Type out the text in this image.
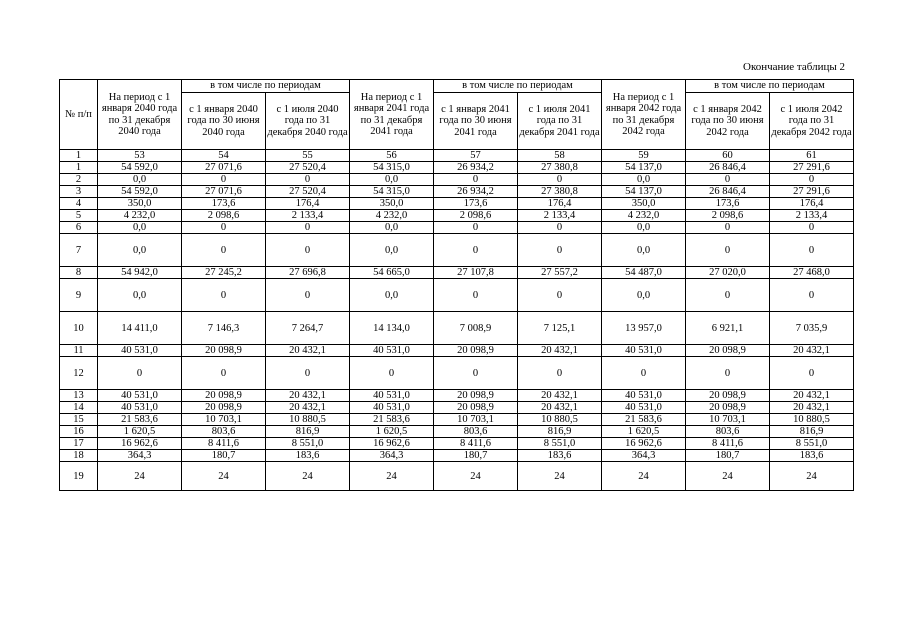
Окончание таблицы 2
№ п/п	На период с 1 января 2040 года по 31 декабря 2040 года	в том числе по периодам		На период с 1 января 2041 года по 31 декабря 2041 года	в том числе по периодам		На период с 1 января 2042 года по 31 декабря 2042 года	в том числе по периодам	
		с 1 января 2040 года по 30 июня 2040 года	с 1 июля 2040 года по 31 декабря 2040 года		с 1 января 2041 года по 30 июня 2041 года	с 1 июля 2041 года по 31 декабря 2041 года		с 1 января 2042 года по 30 июня 2042 года	с 1 июля 2042 года по 31 декабря 2042 года
1	53	54	55	56	57	58	59	60	61
1	54 592,0	27 071,6	27 520,4	54 315,0	26 934,2	27 380,8	54 137,0	26 846,4	27 291,6
2	0,0	0	0	0,0	0	0	0,0	0	0
3	54 592,0	27 071,6	27 520,4	54 315,0	26 934,2	27 380,8	54 137,0	26 846,4	27 291,6
4	350,0	173,6	176,4	350,0	173,6	176,4	350,0	173,6	176,4
5	4 232,0	2 098,6	2 133,4	4 232,0	2 098,6	2 133,4	4 232,0	2 098,6	2 133,4
6	0,0	0	0	0,0	0	0	0,0	0	0
7	0,0	0	0	0,0	0	0	0,0	0	0
8	54 942,0	27 245,2	27 696,8	54 665,0	27 107,8	27 557,2	54 487,0	27 020,0	27 468,0
9	0,0	0	0	0,0	0	0	0,0	0	0
10	14 411,0	7 146,3	7 264,7	14 134,0	7 008,9	7 125,1	13 957,0	6 921,1	7 035,9
11	40 531,0	20 098,9	20 432,1	40 531,0	20 098,9	20 432,1	40 531,0	20 098,9	20 432,1
12	0	0	0	0	0	0	0	0	0
13	40 531,0	20 098,9	20 432,1	40 531,0	20 098,9	20 432,1	40 531,0	20 098,9	20 432,1
14	40 531,0	20 098,9	20 432,1	40 531,0	20 098,9	20 432,1	40 531,0	20 098,9	20 432,1
15	21 583,6	10 703,1	10 880,5	21 583,6	10 703,1	10 880,5	21 583,6	10 703,1	10 880,5
16	1 620,5	803,6	816,9	1 620,5	803,6	816,9	1 620,5	803,6	816,9
17	16 962,6	8 411,6	8 551,0	16 962,6	8 411,6	8 551,0	16 962,6	8 411,6	8 551,0
18	364,3	180,7	183,6	364,3	180,7	183,6	364,3	180,7	183,6
19	24	24	24	24	24	24	24	24	24
